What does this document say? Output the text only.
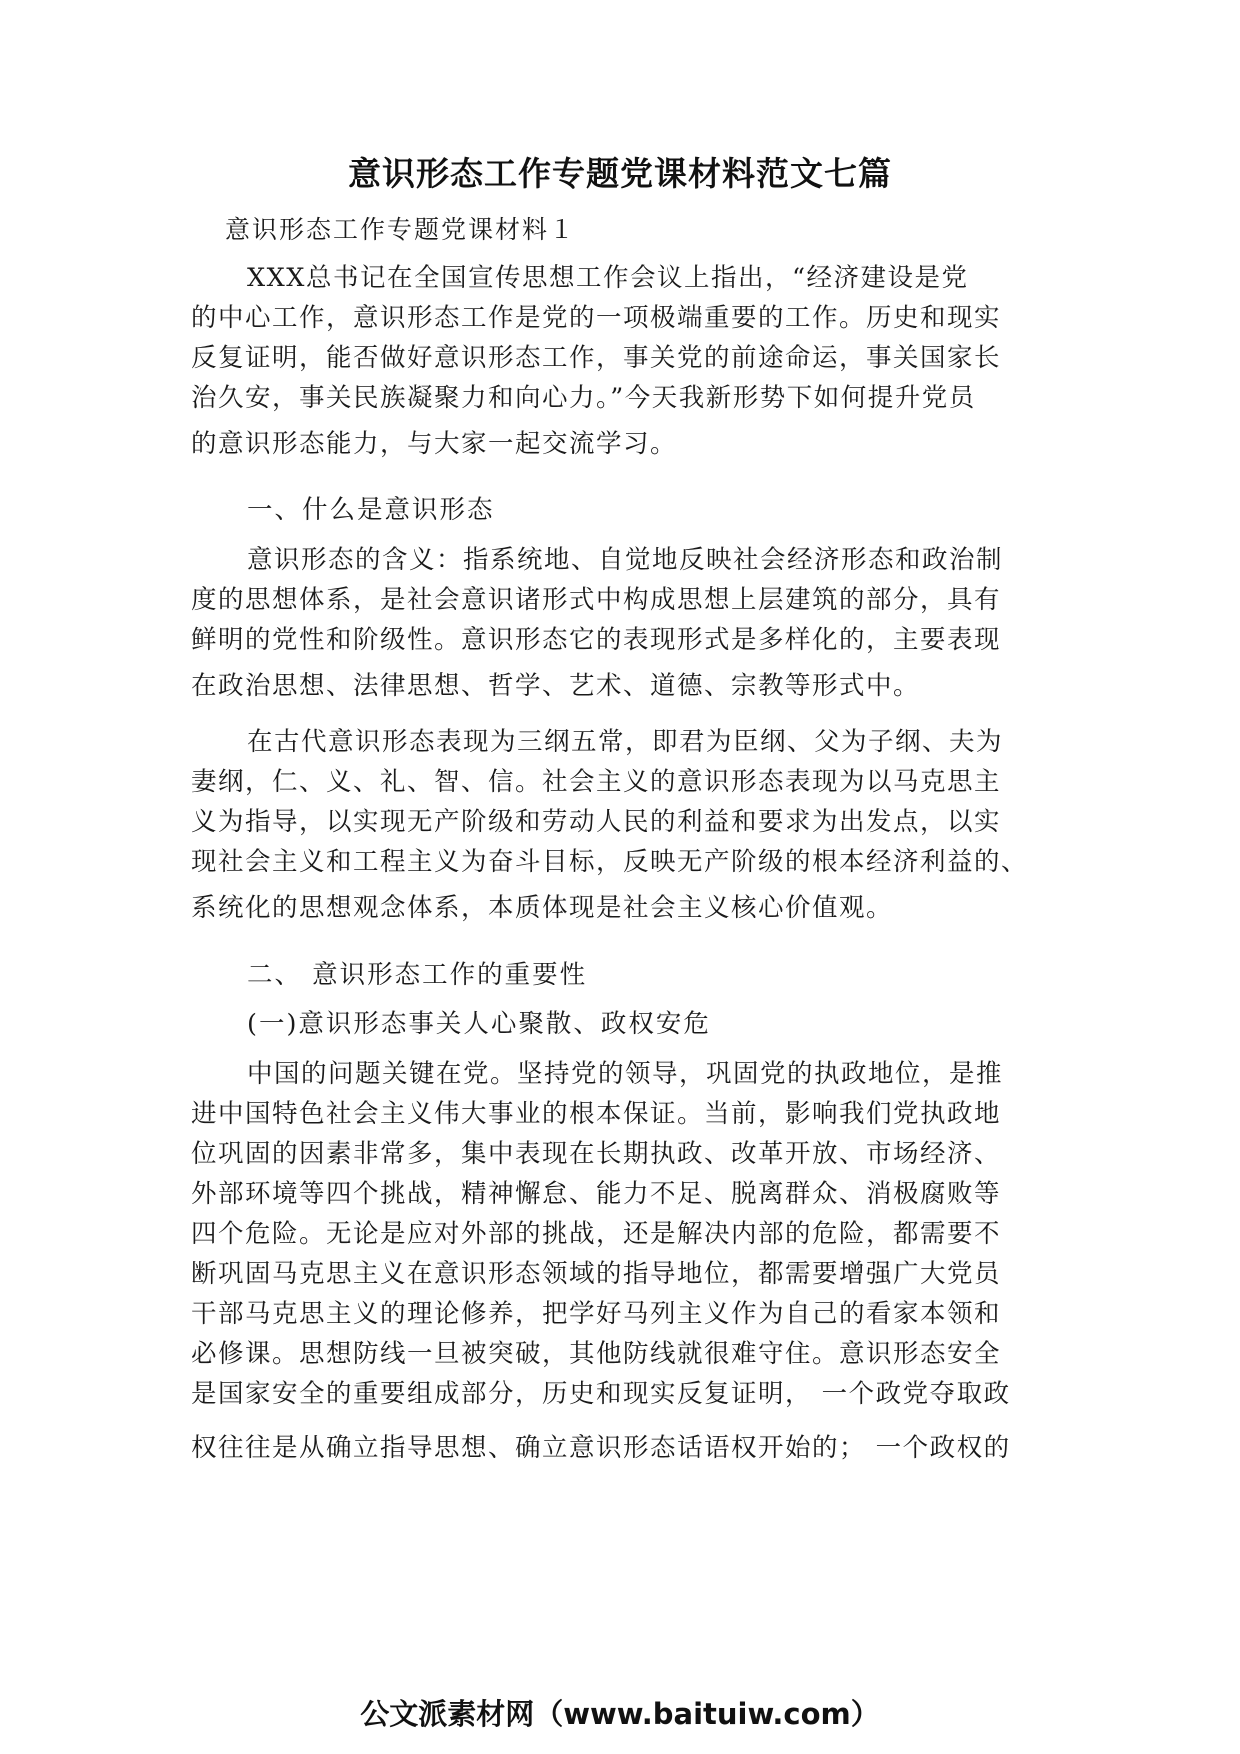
意识形态工作专题党课材料范文七篇
意识形态工作专题党课材料１
XXX总书记在全国宣传思想工作会议上指出，“经济建设是党
的中心工作，意识形态工作是党的一项极端重要的工作。历史和现实
反复证明，能否做好意识形态工作，事关党的前途命运，事关国家长
治久安，事关民族凝聚力和向心力。”今天我新形势下如何提升党员
的意识形态能力，与大家一起交流学习。
一、什么是意识形态
意识形态的含义：指系统地、自觉地反映社会经济形态和政治制
度的思想体系，是社会意识诸形式中构成思想上层建筑的部分，具有
鲜明的党性和阶级性。意识形态它的表现形式是多样化的，主要表现
在政治思想、法律思想、哲学、艺术、道德、宗教等形式中。
在古代意识形态表现为三纲五常，即君为臣纲、父为子纲、夫为
妻纲，仁、义、礼、智、信。社会主义的意识形态表现为以马克思主
义为指导，以实现无产阶级和劳动人民的利益和要求为出发点，以实
现社会主义和工程主义为奋斗目标，反映无产阶级的根本经济利益的、
系统化的思想观念体系，本质体现是社会主义核心价值观。
二、 意识形态工作的重要性
(一)意识形态事关人心聚散、政权安危
中国的问题关键在党。坚持党的领导，巩固党的执政地位，是推
进中国特色社会主义伟大事业的根本保证。当前，影响我们党执政地
位巩固的因素非常多，集中表现在长期执政、改革开放、市场经济、
外部环境等四个挑战，精神懈怠、能力不足、脱离群众、消极腐败等
四个危险。无论是应对外部的挑战，还是解决内部的危险，都需要不
断巩固马克思主义在意识形态领域的指导地位，都需要增强广大党员
干部马克思主义的理论修养，把学好马列主义作为自己的看家本领和
必修课。思想防线一旦被突破，其他防线就很难守住。意识形态安全
是国家安全的重要组成部分，历史和现实反复证明， 一个政党夺取政
权往往是从确立指导思想、确立意识形态话语权开始的； 一个政权的
公文派素材网（www.baituiw.com）
